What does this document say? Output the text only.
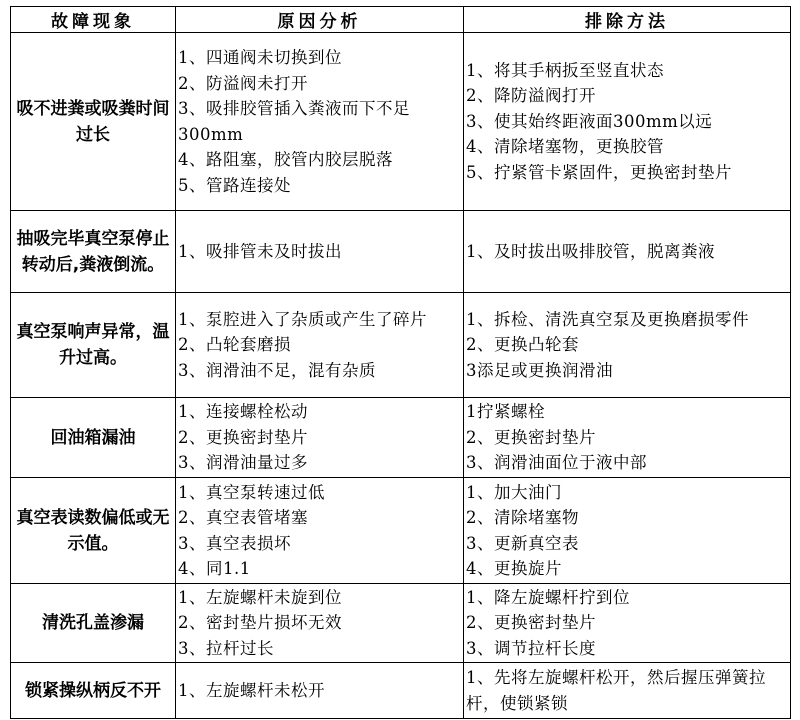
故障现象	原因分析	排除方法
吸不进粪或吸粪时间过长	1、四通阀未切换到位
2、防溢阀未打开
3、吸排胶管插入粪液而下不足300mm
4、路阻塞，胶管内胶层脱落
5、管路连接处	1、将其手柄扳至竖直状态
2、降防溢阀打开
3、使其始终距液面300mm以远
4、清除堵塞物，更换胶管
5、拧紧管卡紧固件，更换密封垫片

抽吸完毕真空泵停止转动后,粪液倒流。	1、吸排管未及时拔出	1、及时拔出吸排胶管，脱离粪液

真空泵响声异常，温升过高。	1、泵腔进入了杂质或产生了碎片
2、凸轮套磨损
3、润滑油不足，混有杂质	1、拆检、清洗真空泵及更换磨损零件
2、更换凸轮套
3添足或更换润滑油

回油箱漏油	1、连接螺栓松动
2、更换密封垫片
3、润滑油量过多	1拧紧螺栓
2、更换密封垫片
3、润滑油面位于液中部

真空表读数偏低或无示值。	1、真空泵转速过低
2、真空表管堵塞
3、真空表损坏
4、同1.1	1、加大油门
2、清除堵塞物
3、更新真空表
4、更换旋片

清洗孔盖渗漏	1、左旋螺杆未旋到位
2、密封垫片损坏无效
3、拉杆过长	1、降左旋螺杆拧到位
2、更换密封垫片
3、调节拉杆长度

锁紧操纵柄反不开	1、左旋螺杆未松开	1、先将左旋螺杆松开，然后握压弹簧拉杆，使锁紧锁
